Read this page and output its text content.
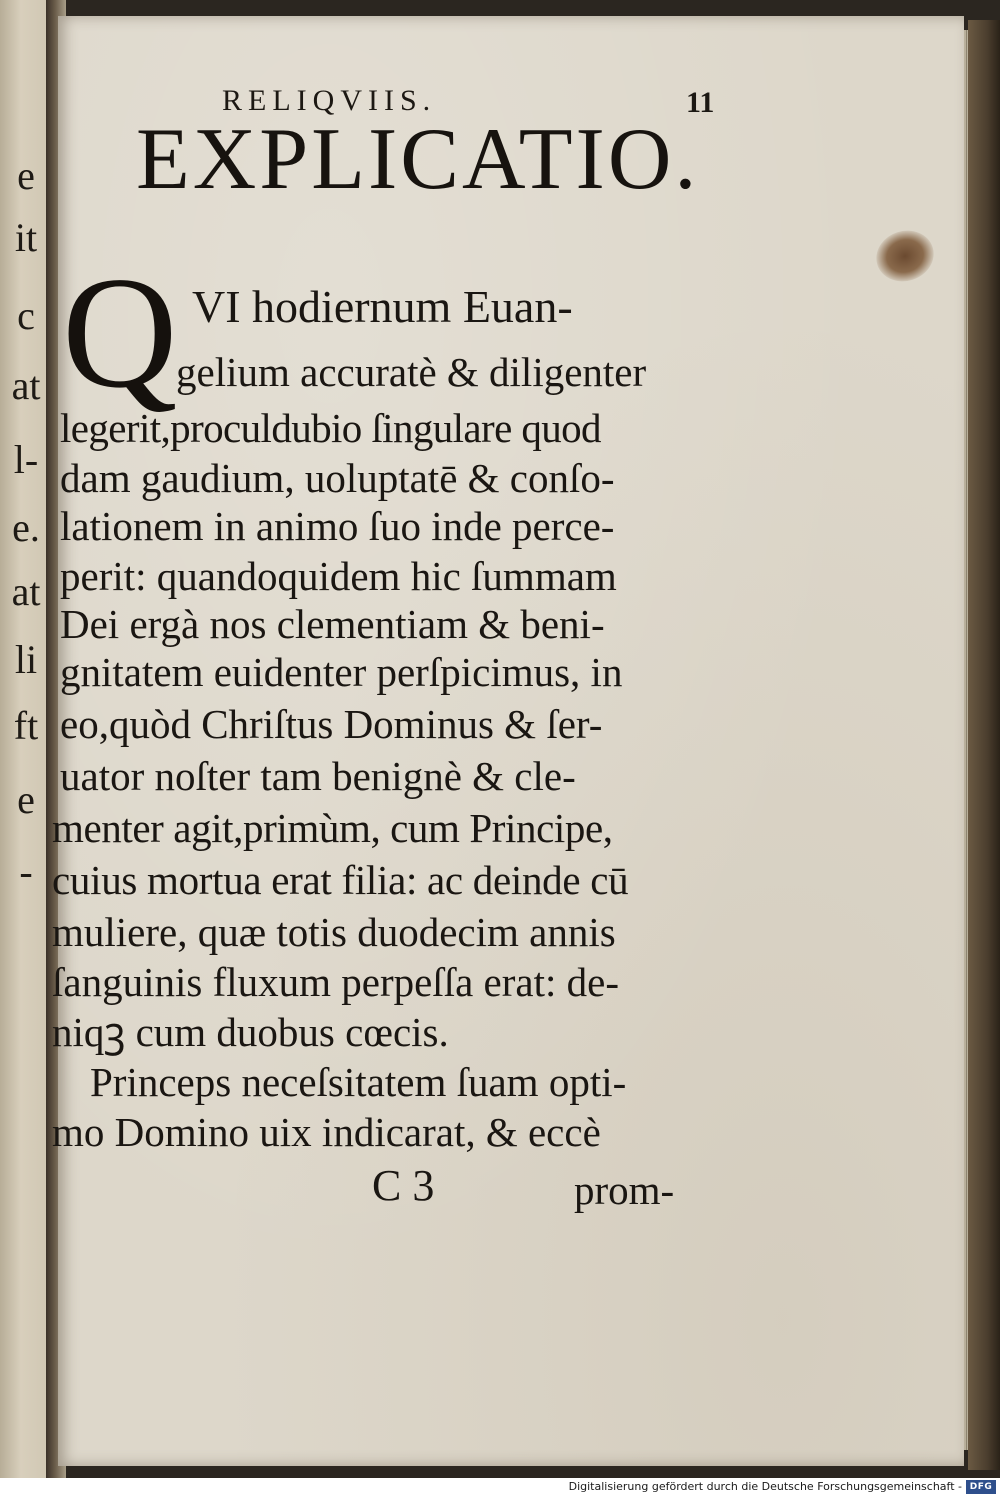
e
it
c
at
l-
e.
at
li
ft
e
-
RELIQVIIS.	11
EXPLICATIO.
Q VI hodiernum Euan-
gelium accuratè & diligenter
legerit,proculdubio ſingulare quod
dam gaudium, uoluptatē & conſo-
lationem in animo ſuo inde perce-
perit: quandoquidem hic ſummam
Dei ergà nos clementiam & beni-
gnitatem euidenter perſpicimus, in
eo,quòd Chriſtus Dominus & ſer-
uator noſter tam benignè & cle-
menter agit,primùm, cum Principe,
cuius mortua erat filia: ac deinde cū
muliere, quæ totis duodecim annis
ſanguinis fluxum perpeſſa erat: de-
niqꝫ cum duobus cœcis.
Princeps neceſsitatem ſuam opti-
mo Domino uix indicarat, & eccè
C 3	prom-
Digitalisierung gefördert durch die Deutsche Forschungsgemeinschaft - DFG
